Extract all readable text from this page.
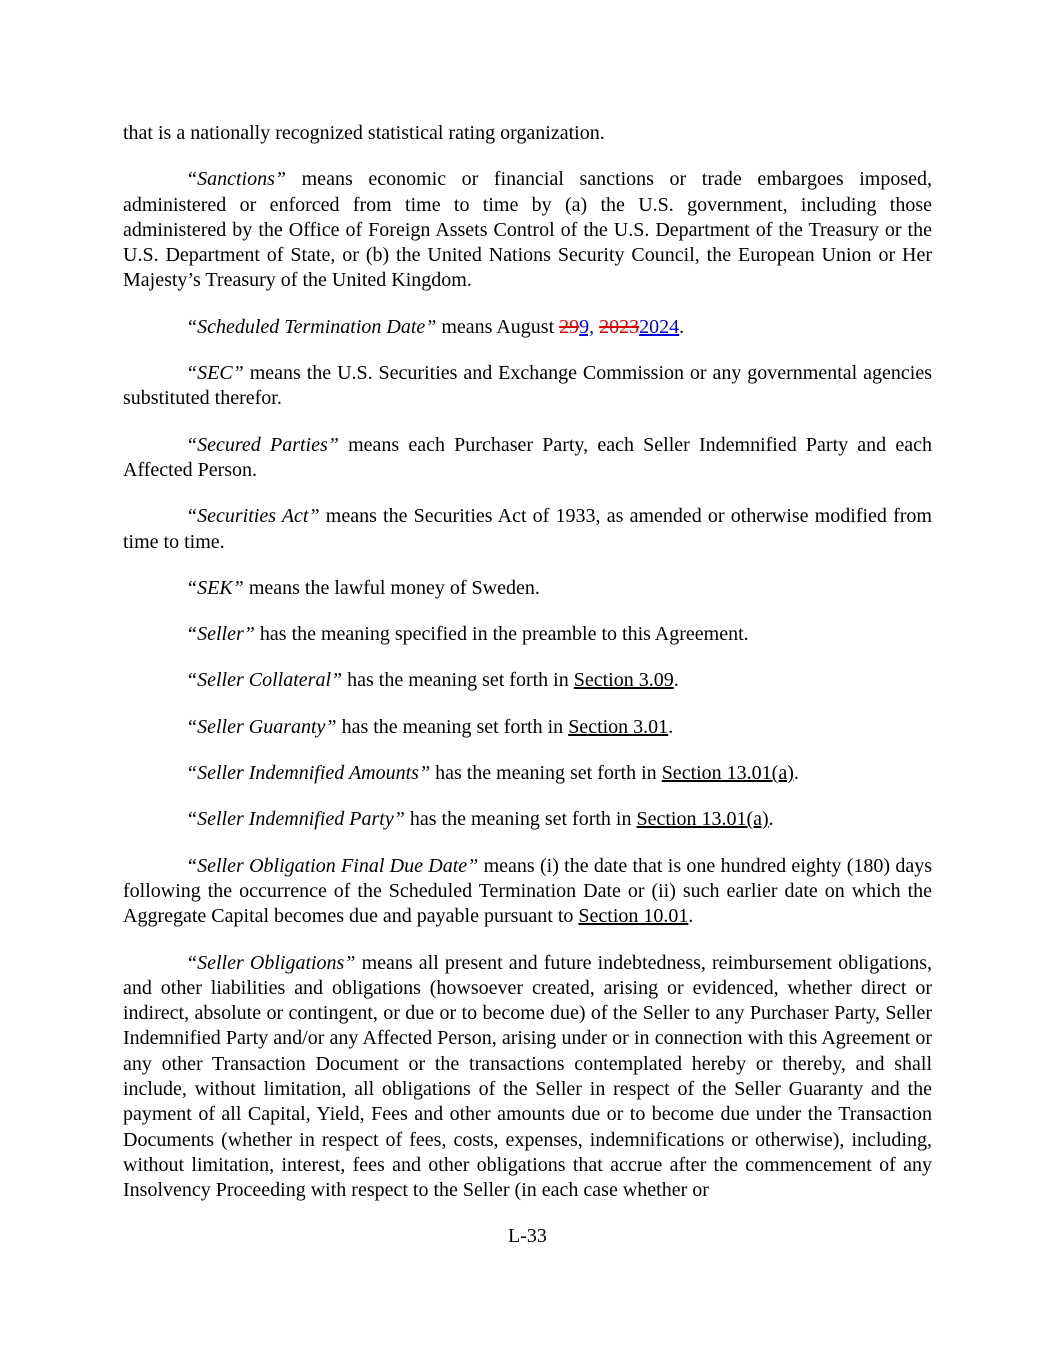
that is a nationally recognized statistical rating organization.

“Sanctions” means economic or financial sanctions or trade embargoes imposed, administered or enforced from time to time by (a) the U.S. government, including those administered by the Office of Foreign Assets Control of the U.S. Department of the Treasury or the U.S. Department of State, or (b) the United Nations Security Council, the European Union or Her Majesty’s Treasury of the United Kingdom.

“Scheduled Termination Date” means August 299, 20232024.

“SEC” means the U.S. Securities and Exchange Commission or any governmental agencies substituted therefor.

“Secured Parties” means each Purchaser Party, each Seller Indemnified Party and each Affected Person.

“Securities Act” means the Securities Act of 1933, as amended or otherwise modified from time to time.

“SEK” means the lawful money of Sweden.

“Seller” has the meaning specified in the preamble to this Agreement.

“Seller Collateral” has the meaning set forth in Section 3.09.

“Seller Guaranty” has the meaning set forth in Section 3.01.

“Seller Indemnified Amounts” has the meaning set forth in Section 13.01(a).

“Seller Indemnified Party” has the meaning set forth in Section 13.01(a).

“Seller Obligation Final Due Date” means (i) the date that is one hundred eighty (180) days following the occurrence of the Scheduled Termination Date or (ii) such earlier date on which the Aggregate Capital becomes due and payable pursuant to Section 10.01.

“Seller Obligations” means all present and future indebtedness, reimbursement obligations, and other liabilities and obligations (howsoever created, arising or evidenced, whether direct or indirect, absolute or contingent, or due or to become due) of the Seller to any Purchaser Party, Seller Indemnified Party and/or any Affected Person, arising under or in connection with this Agreement or any other Transaction Document or the transactions contemplated hereby or thereby, and shall include, without limitation, all obligations of the Seller in respect of the Seller Guaranty and the payment of all Capital, Yield, Fees and other amounts due or to become due under the Transaction Documents (whether in respect of fees, costs, expenses, indemnifications or otherwise), including, without limitation, interest, fees and other obligations that accrue after the commencement of any Insolvency Proceeding with respect to the Seller (in each case whether or

L-33
